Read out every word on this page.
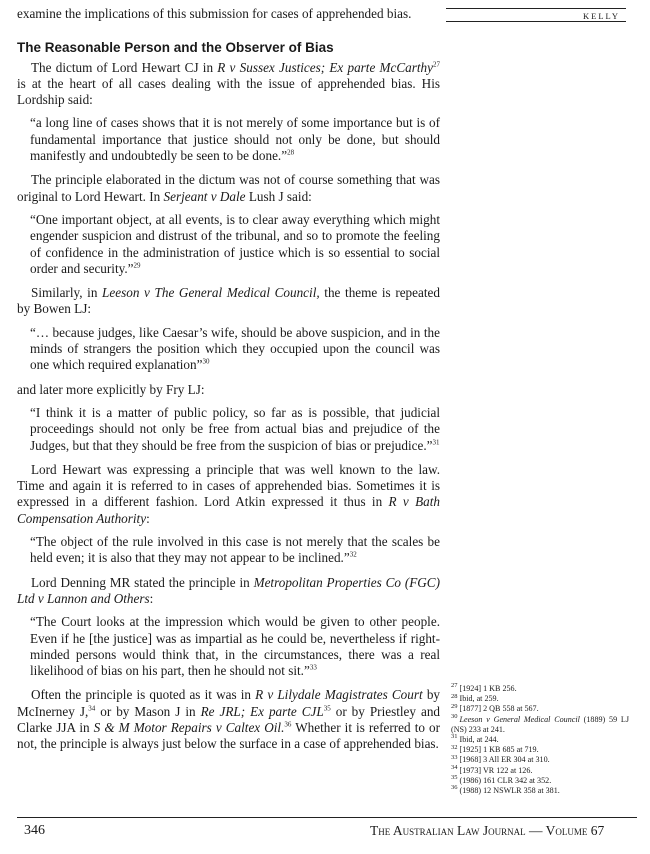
KELLY

examine the implications of this submission for cases of apprehended bias.

The Reasonable Person and the Observer of Bias

The dictum of Lord Hewart CJ in R v Sussex Justices; Ex parte McCarthy$^{27}$ is at the heart of all cases dealing with the issue of apprehended bias. His Lordship said:

“a long line of cases shows that it is not merely of some importance but is of fundamental importance that justice should not only be done, but should manifestly and undoubtedly be seen to be done.”$^{28}$

The principle elaborated in the dictum was not of course something that was original to Lord Hewart. In Serjeant v Dale Lush J said:

“One important object, at all events, is to clear away everything which might engender suspicion and distrust of the tribunal, and so to promote the feeling of confidence in the administration of justice which is so essential to social order and security.”$^{29}$

Similarly, in Leeson v The General Medical Council, the theme is repeated by Bowen LJ:

“… because judges, like Caesar’s wife, should be above suspicion, and in the minds of strangers the position which they occupied upon the council was one which required explanation”$^{30}$

and later more explicitly by Fry LJ:

“I think it is a matter of public policy, so far as is possible, that judicial proceedings should not only be free from actual bias and prejudice of the Judges, but that they should be free from the suspicion of bias or prejudice.”$^{31}$

Lord Hewart was expressing a principle that was well known to the law. Time and again it is referred to in cases of apprehended bias. Sometimes it is expressed in a different fashion. Lord Atkin expressed it thus in R v Bath Compensation Authority:

“The object of the rule involved in this case is not merely that the scales be held even; it is also that they may not appear to be inclined.”$^{32}$

Lord Denning MR stated the principle in Metropolitan Properties Co (FGC) Ltd v Lannon and Others:

“The Court looks at the impression which would be given to other people. Even if he [the justice] was as impartial as he could be, nevertheless if right-minded persons would think that, in the circumstances, there was a real likelihood of bias on his part, then he should not sit.”$^{33}$

Often the principle is quoted as it was in R v Lilydale Magistrates Court by McInerney J,$^{34}$ or by Mason J in Re JRL; Ex parte CJL$^{35}$ or by Priestley and Clarke JJA in S & M Motor Repairs v Caltex Oil.$^{36}$ Whether it is referred to or not, the principle is always just below the surface in a case of apprehended bias.

$^{27}$ [1924] 1 KB 256.

$^{28}$ Ibid, at 259.

$^{29}$ [1877] 2 QB 558 at 567.

$^{30}$ Leeson v General Medical Council (1889) 59 LJ (NS) 233 at 241.

$^{31}$ Ibid, at 244.

$^{32}$ [1925] 1 KB 685 at 719.

$^{33}$ [1968] 3 All ER 304 at 310.

$^{34}$ [1973] VR 122 at 126.

$^{35}$ (1986) 161 CLR 342 at 352.

$^{36}$ (1988) 12 NSWLR 358 at 381.

346	The Australian Law Journal — Volume 67
